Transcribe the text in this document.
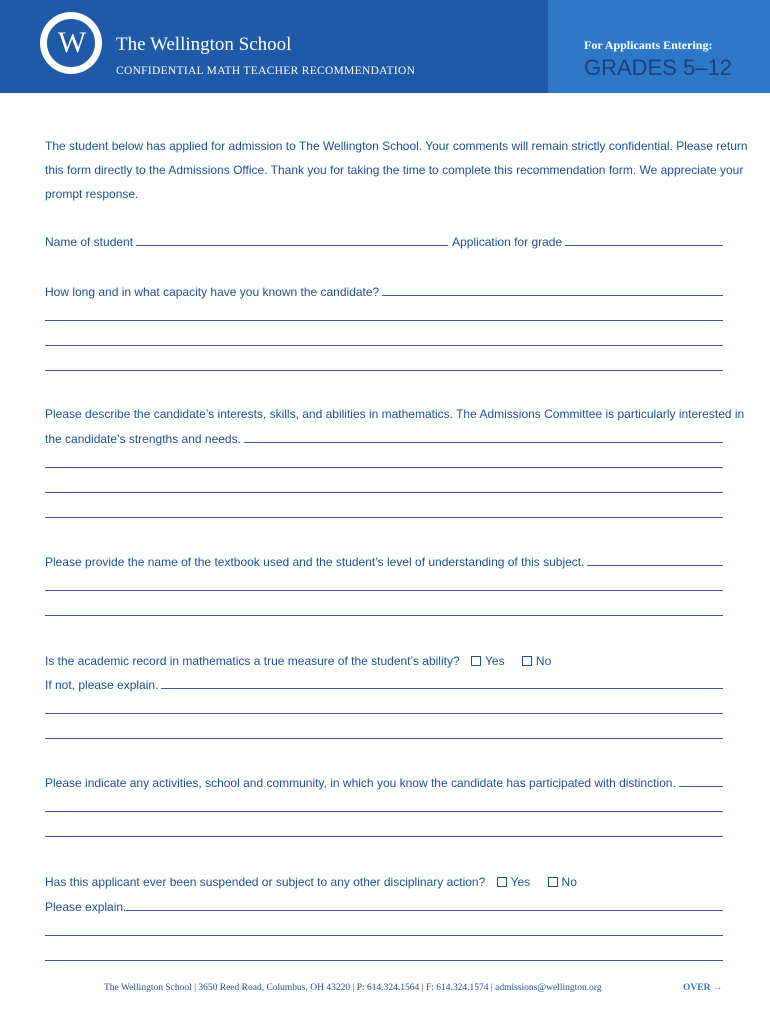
W	The Wellington School
CONFIDENTIAL MATH TEACHER RECOMMENDATION
For Applicants Entering:
GRADES 5–12
The student below has applied for admission to The Wellington School. Your comments will remain strictly confidential. Please return
this form directly to the Admissions Office. Thank you for taking the time to complete this recommendation form. We appreciate your
prompt response.
Name of student	Application for grade
How long and in what capacity have you known the candidate?
Please describe the candidate’s interests, skills, and abilities in mathematics. The Admissions Committee is particularly interested in
the candidate’s strengths and needs.
Please provide the name of the textbook used and the student’s level of understanding of this subject.
Is the academic record in mathematics a true measure of the student’s ability? Yes	No
If not, please explain.
Please indicate any activities, school and community, in which you know the candidate has participated with distinction.
Has this applicant ever been suspended or subject to any other disciplinary action? Yes	No
Please explain.
The Wellington School | 3650 Reed Road, Columbus, OH 43220 | P: 614.324.1564 | F: 614.324.1574 | admissions@wellington.org	OVER →
